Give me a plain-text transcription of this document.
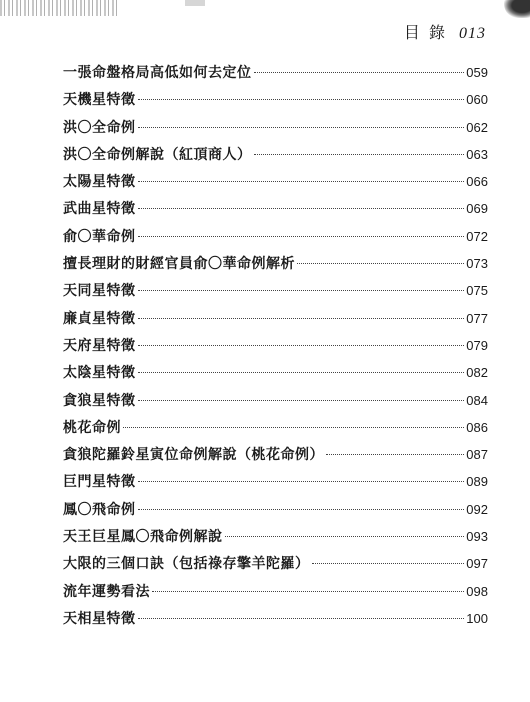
目 錄 013
一張命盤格局高低如何去定位	059
天機星特徵	060
洪〇全命例	062
洪〇全命例解說（紅頂商人）	063
太陽星特徵	066
武曲星特徵	069
俞〇華命例	072
擅長理財的財經官員俞〇華命例解析	073
天同星特徵	075
廉貞星特徵	077
天府星特徵	079
太陰星特徵	082
貪狼星特徵	084
桃花命例	086
貪狼陀羅鈴星寅位命例解說（桃花命例）	087
巨門星特徵	089
鳳〇飛命例	092
天王巨星鳳〇飛命例解說	093
大限的三個口訣（包括祿存擎羊陀羅）	097
流年運勢看法	098
天相星特徵	100
